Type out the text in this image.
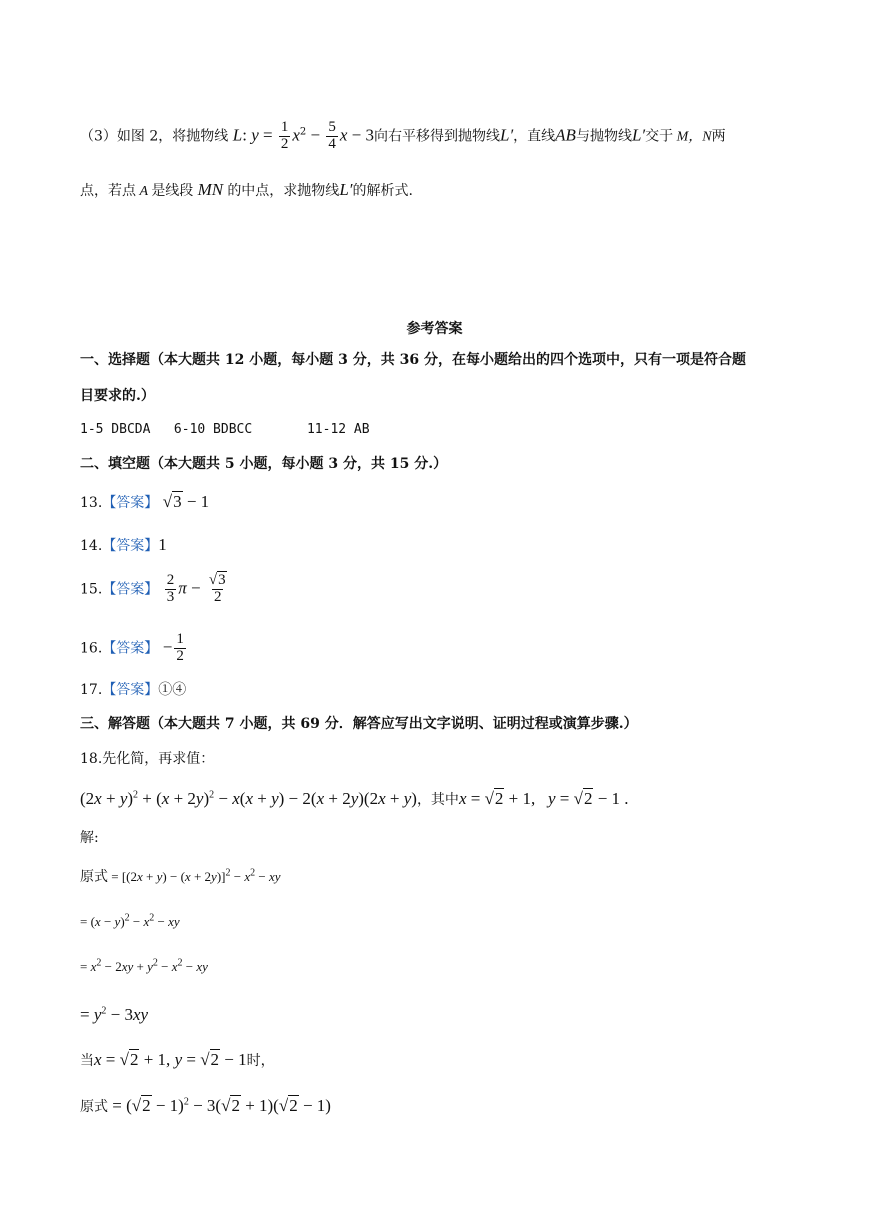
（3）如图 2，将抛物线 L: $y = \frac{1}{2} x^2 - \frac{5}{4}$ x − 3向右平移得到抛物线L′，直线AB与抛物线L′交于 M，N两
点，若点 A 是线段 MN 的中点，求抛物线L′的解析式.
参考答案
一、选择题（本大题共 12 小题，每小题 3 分，共 36 分，在每小题给出的四个选项中，只有一项是符合题
目要求的.）
1-5 DBCDA   6-10 BDBCC       11-12 AB
二、填空题（本大题共 5 小题，每小题 3 分，共 15 分.）
13.【答案】 √3 − 1
14.【答案】1
15.【答案】 $\frac{2}{3}$ $\pi - \frac{√3}{2}$
16.【答案】 − $\frac{1}{2}$
17.【答案】①④
三、解答题（本大题共 7 小题，共 69 分．解答应写出文字说明、证明过程或演算步骤.）
18.先化简，再求值：
$(2x + y)^2 + (x + 2y)^2 - x(x + y) - 2(x + 2y)(2x + y)$，其中x = √2 + 1,   y = √2 − 1 .
解:
原式 = $[(2x + y) - (x + 2y)]^2 - x^2$ − xy
= $(x - y)^2 - x^2$ − xy
= $x^2 - 2xy + y^2 - x^2$ − xy
= $y^2 - 3xy$
当x = √2 + 1, y = √2 − 1时，
原式 = $(√2 - 1)^2 - 3(√2 + 1)(√2 - 1)$
